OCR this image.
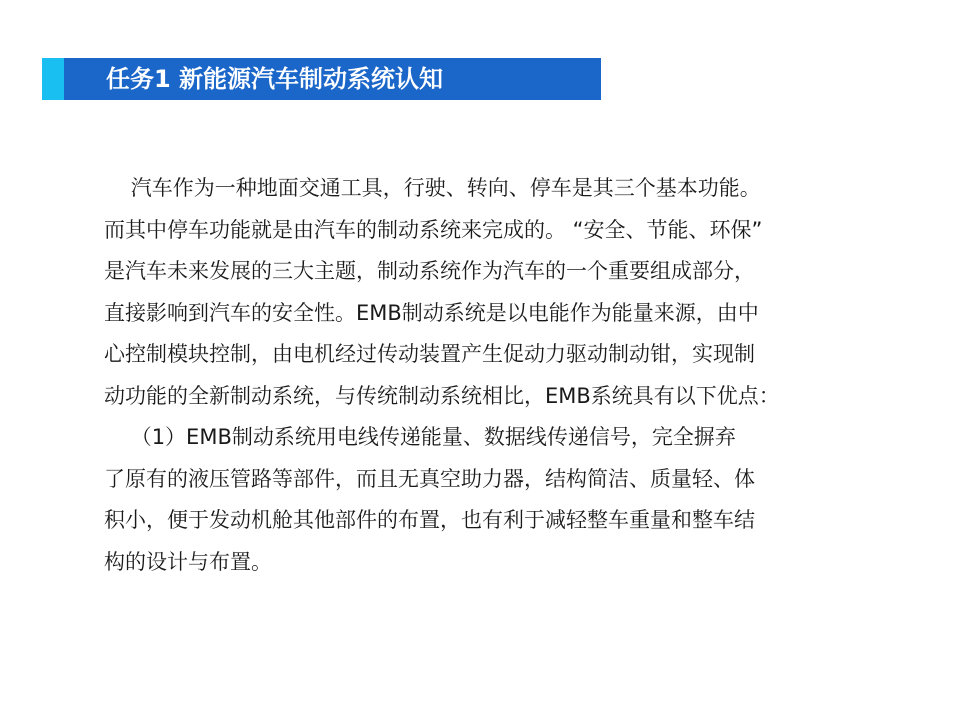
任务1 新能源汽车制动系统认知
汽车作为一种地面交通工具，行驶、转向、停车是其三个基本功能。
而其中停车功能就是由汽车的制动系统来完成的。 “安全、节能、环保”
是汽车未来发展的三大主题，制动系统作为汽车的一个重要组成部分，
直接影响到汽车的安全性。EMB制动系统是以电能作为能量来源，由中
心控制模块控制，由电机经过传动装置产生促动力驱动制动钳，实现制
动功能的全新制动系统，与传统制动系统相比，EMB系统具有以下优点：
（1）EMB制动系统用电线传递能量、数据线传递信号，完全摒弃
了原有的液压管路等部件，而且无真空助力器，结构简洁、质量轻、体
积小，便于发动机舱其他部件的布置，也有利于减轻整车重量和整车结
构的设计与布置。
